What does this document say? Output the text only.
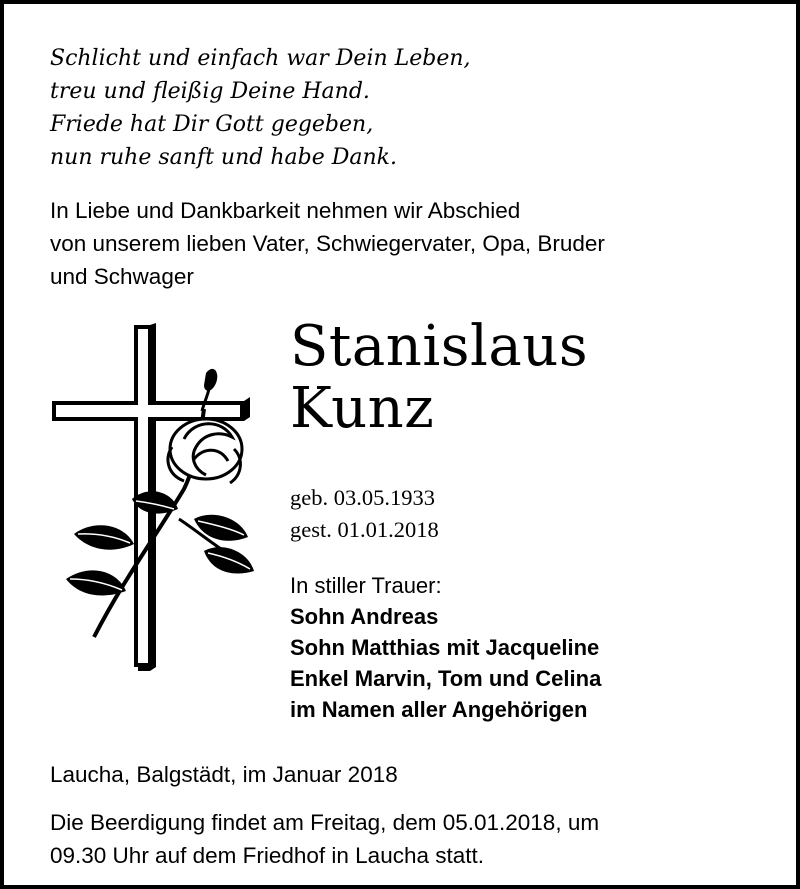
Schlicht und einfach war Dein Leben,
treu und fleißig Deine Hand.
Friede hat Dir Gott gegeben,
nun ruhe sanft und habe Dank.
In Liebe und Dankbarkeit nehmen wir Abschied
von unserem lieben Vater, Schwiegervater, Opa, Bruder
und Schwager
Stanislaus
Kunz
geb. 03.05.1933
gest. 01.01.2018
In stiller Trauer:
Sohn Andreas
Sohn Matthias mit Jacqueline
Enkel Marvin, Tom und Celina
im Namen aller Angehörigen
Laucha, Balgstädt, im Januar 2018
Die Beerdigung findet am Freitag, dem 05.01.2018, um
09.30 Uhr auf dem Friedhof in Laucha statt.
